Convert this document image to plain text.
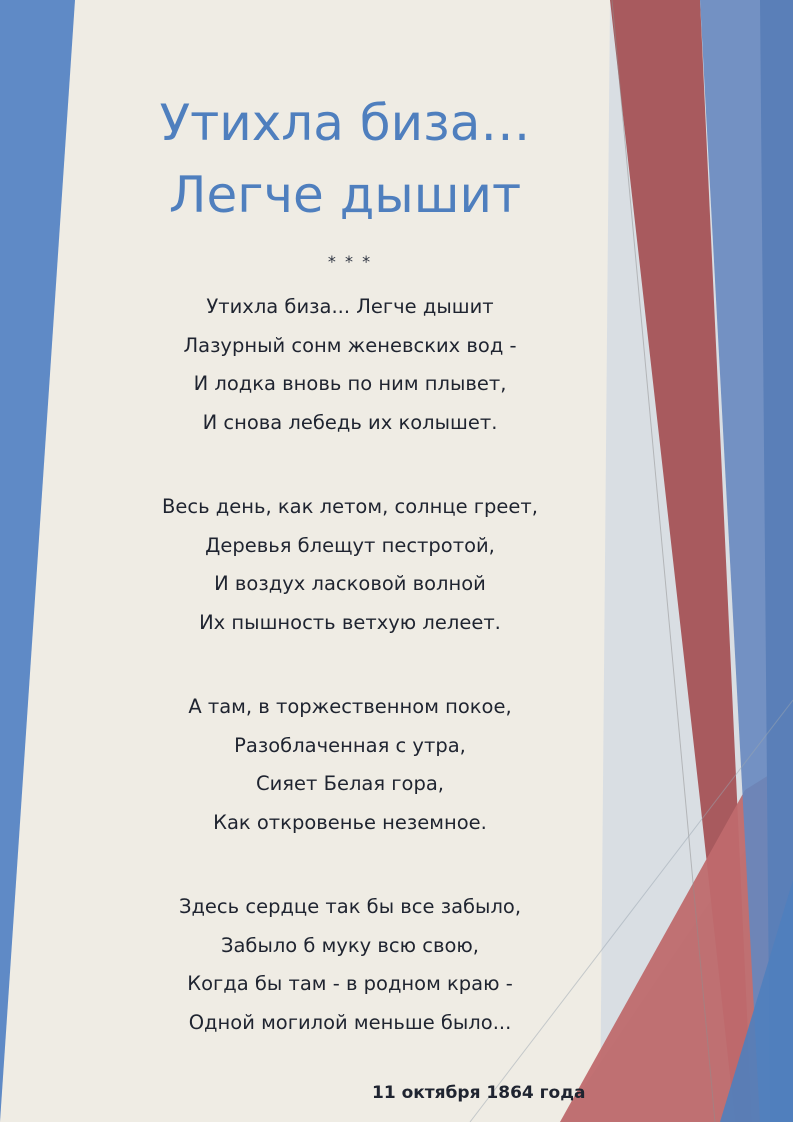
Утихла биза…
Легче дышит
* * *
Утихла биза... Легче дышит
Лазурный сонм женевских вод -
И лодка вновь по ним плывет,
И снова лебедь их колышет.
Весь день, как летом, солнце греет,
Деревья блещут пестротой,
И воздух ласковой волной
Их пышность ветхую лелеет.
А там, в торжественном покое,
Разоблаченная с утра,
Сияет Белая гора,
Как откровенье неземное.
Здесь сердце так бы все забыло,
Забыло б муку всю свою,
Когда бы там - в родном краю -
Одной могилой меньше было...
11 октября 1864 года
